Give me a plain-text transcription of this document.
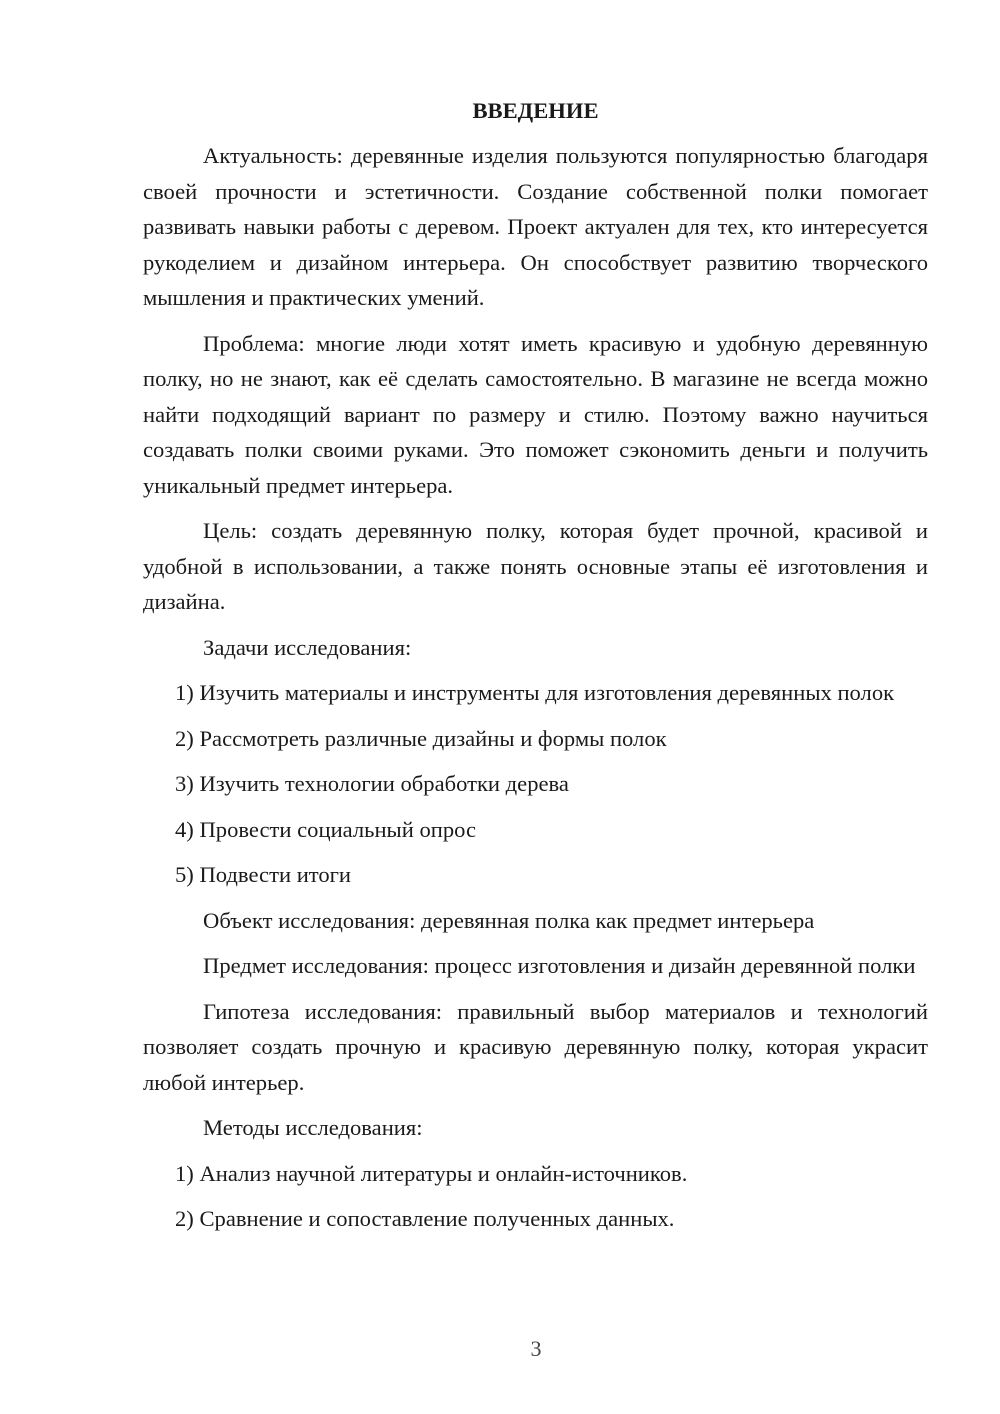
ВВЕДЕНИЕ

Актуальность: деревянные изделия пользуются популярностью благодаря своей прочности и эстетичности. Создание собственной полки помогает развивать навыки работы с деревом. Проект актуален для тех, кто интересуется рукоделием и дизайном интерьера. Он способствует развитию творческого мышления и практических умений.

Проблема: многие люди хотят иметь красивую и удобную деревянную полку, но не знают, как её сделать самостоятельно. В магазине не всегда можно найти подходящий вариант по размеру и стилю. Поэтому важно научиться создавать полки своими руками. Это поможет сэкономить деньги и получить уникальный предмет интерьера.

Цель: создать деревянную полку, которая будет прочной, красивой и удобной в использовании, а также понять основные этапы её изготовления и дизайна.

Задачи исследования:

1) Изучить материалы и инструменты для изготовления деревянных полок

2) Рассмотреть различные дизайны и формы полок

3) Изучить технологии обработки дерева

4) Провести социальный опрос

5) Подвести итоги

Объект исследования: деревянная полка как предмет интерьера

Предмет исследования: процесс изготовления и дизайн деревянной полки

Гипотеза исследования: правильный выбор материалов и технологий позволяет создать прочную и красивую деревянную полку, которая украсит любой интерьер.

Методы исследования:

1) Анализ научной литературы и онлайн-источников.

2) Сравнение и сопоставление полученных данных.

3
